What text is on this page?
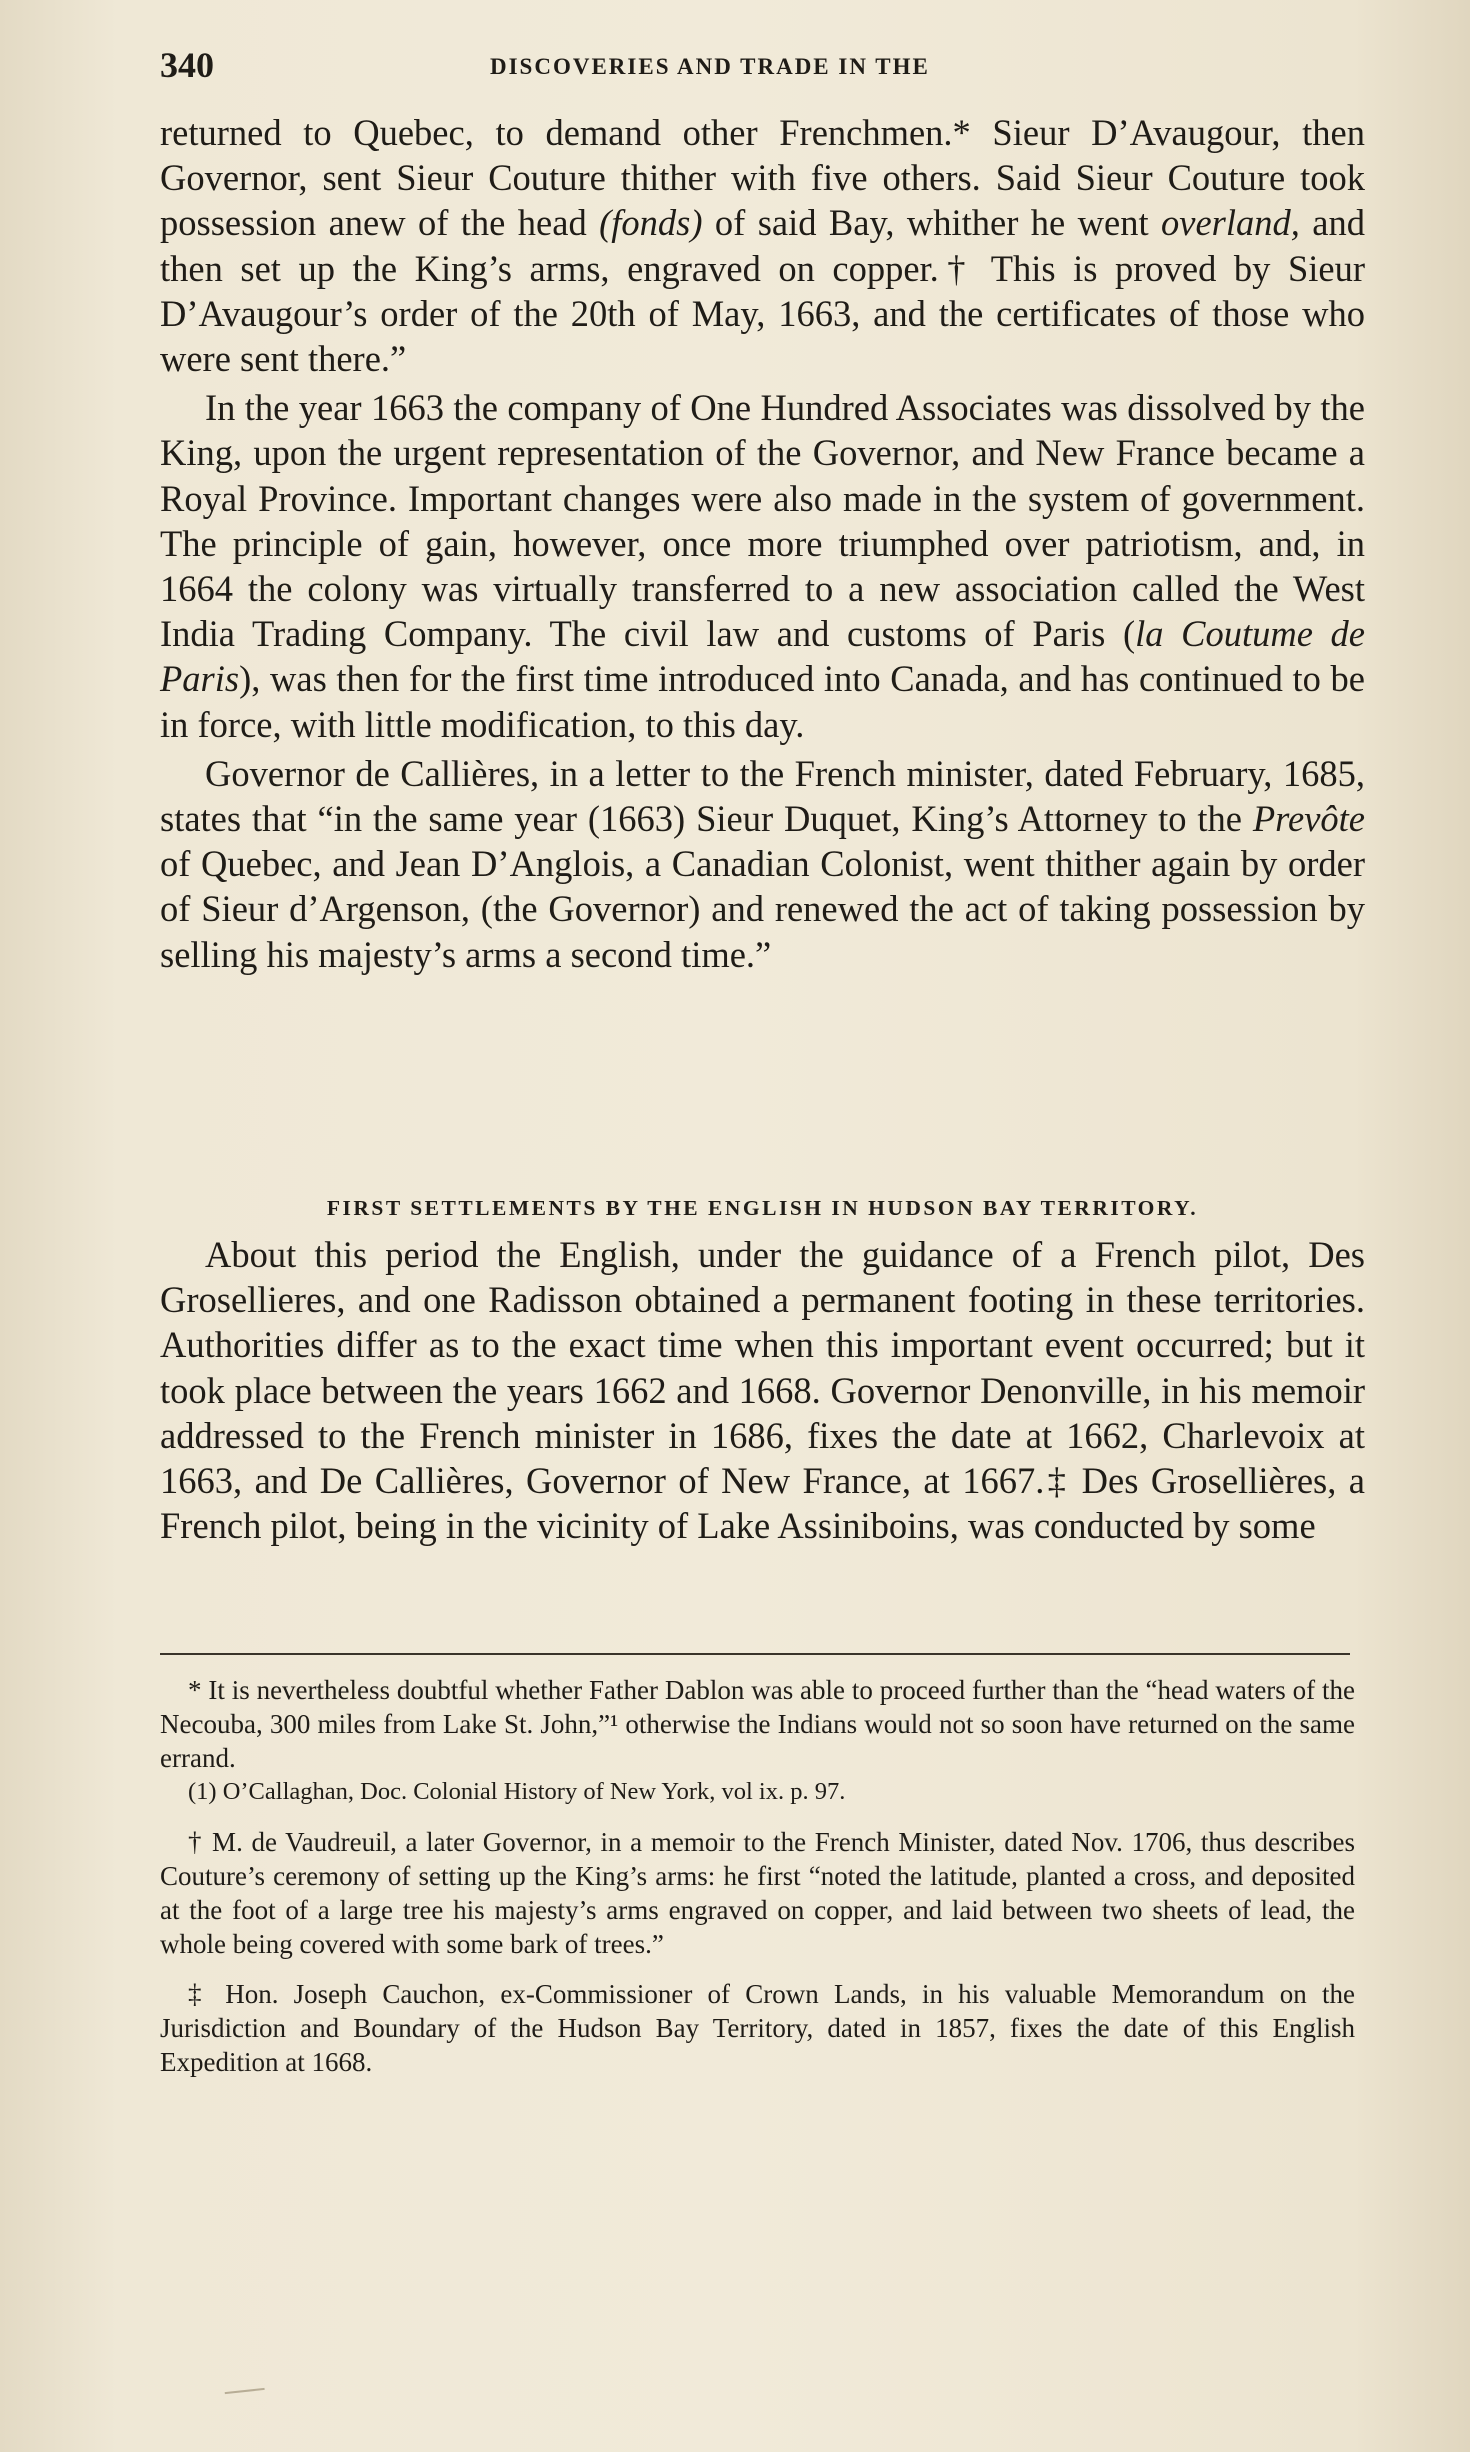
340	DISCOVERIES AND TRADE IN THE

returned to Quebec, to demand other Frenchmen.* Sieur D’Avaugour, then Governor, sent Sieur Couture thither with five others. Said Sieur Couture took possession anew of the head (fonds) of said Bay, whither he went overland, and then set up the King’s arms, engraved on copper.† This is proved by Sieur D’Avaugour’s order of the 20th of May, 1663, and the certificates of those who were sent there.”

In the year 1663 the company of One Hundred Associates was dissolved by the King, upon the urgent representation of the Governor, and New France became a Royal Province. Important changes were also made in the system of government. The principle of gain, however, once more triumphed over patriotism, and, in 1664 the colony was virtually transferred to a new association called the West India Trading Company. The civil law and customs of Paris (la Coutume de Paris), was then for the first time introduced into Canada, and has continued to be in force, with little modification, to this day.

Governor de Callières, in a letter to the French minister, dated February, 1685, states that “in the same year (1663) Sieur Duquet, King’s Attorney to the Prevôte of Quebec, and Jean D’Anglois, a Canadian Colonist, went thither again by order of Sieur d’Argenson, (the Governor) and renewed the act of taking possession by selling his majesty’s arms a second time.”

FIRST SETTLEMENTS BY THE ENGLISH IN HUDSON BAY TERRITORY.

About this period the English, under the guidance of a French pilot, Des Grosellieres, and one Radisson obtained a permanent footing in these territories. Authorities differ as to the exact time when this important event occurred; but it took place between the years 1662 and 1668. Governor Denonville, in his memoir addressed to the French minister in 1686, fixes the date at 1662, Charlevoix at 1663, and De Callières, Governor of New France, at 1667.‡ Des Grosellières, a French pilot, being in the vicinity of Lake Assiniboins, was conducted by some

* It is nevertheless doubtful whether Father Dablon was able to proceed further than the “head waters of the Necouba, 300 miles from Lake St. John,”¹ otherwise the Indians would not so soon have returned on the same errand.

(1) O’Callaghan, Doc. Colonial History of New York, vol ix. p. 97.

† M. de Vaudreuil, a later Governor, in a memoir to the French Minister, dated Nov. 1706, thus describes Couture’s ceremony of setting up the King’s arms: he first “noted the latitude, planted a cross, and deposited at the foot of a large tree his majesty’s arms engraved on copper, and laid between two sheets of lead, the whole being covered with some bark of trees.”

‡ Hon. Joseph Cauchon, ex-Commissioner of Crown Lands, in his valuable Memorandum on the Jurisdiction and Boundary of the Hudson Bay Territory, dated in 1857, fixes the date of this English Expedition at 1668.
